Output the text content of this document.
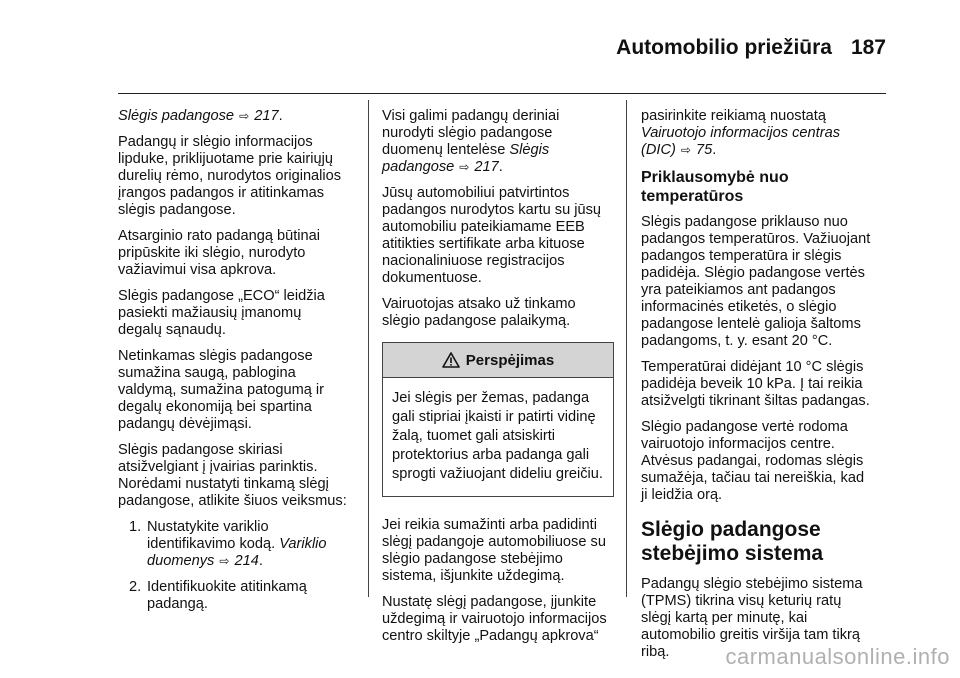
Automobilio priežiūra 187

Slėgis padangose ⇨ 217.

Padangų ir slėgio informacijos lipduke, priklijuotame prie kairiųjų durelių rėmo, nurodytos originalios įrangos padangos ir atitinkamas slėgis padangose.

Atsarginio rato padangą būtinai pripūskite iki slėgio, nurodyto važiavimui visa apkrova.

Slėgis padangose „ECO“ leidžia pasiekti mažiausių įmanomų degalų sąnaudų.

Netinkamas slėgis padangose sumažina saugą, pablogina valdymą, sumažina patogumą ir degalų ekonomiją bei spartina padangų dėvėjimąsi.

Slėgis padangose skiriasi atsižvelgiant į įvairias parinktis. Norėdami nustatyti tinkamą slėgį padangose, atlikite šiuos veiksmus:

1. Nustatykite variklio identifikavimo kodą. Variklio duomenys ⇨ 214.
2. Identifikuokite atitinkamą padangą.

Visi galimi padangų deriniai nurodyti slėgio padangose duomenų lentelėse Slėgis padangose ⇨ 217.

Jūsų automobiliui patvirtintos padangos nurodytos kartu su jūsų automobiliu pateikiamame EEB atitikties sertifikate arba kituose nacionaliniuose registracijos dokumentuose.

Vairuotojas atsako už tinkamo slėgio padangose palaikymą.

Perspėjimas
Jei slėgis per žemas, padanga gali stipriai įkaisti ir patirti vidinę žalą, tuomet gali atsiskirti protektorius arba padanga gali sprogti važiuojant dideliu greičiu.

Jei reikia sumažinti arba padidinti slėgį padangoje automobiliuose su slėgio padangose stebėjimo sistema, išjunkite uždegimą.

Nustatę slėgį padangose, įjunkite uždegimą ir vairuotojo informacijos centro skiltyje „Padangų apkrova“

pasirinkite reikiamą nuostatą Vairuotojo informacijos centras (DIC) ⇨ 75.

Priklausomybė nuo temperatūros

Slėgis padangose priklauso nuo padangos temperatūros. Važiuojant padangos temperatūra ir slėgis padidėja. Slėgio padangose vertės yra pateikiamos ant padangos informacinės etiketės, o slėgio padangose lentelė galioja šaltoms padangoms, t. y. esant 20 °C.

Temperatūrai didėjant 10 °C slėgis padidėja beveik 10 kPa. Į tai reikia atsižvelgti tikrinant šiltas padangas.

Slėgio padangose vertė rodoma vairuotojo informacijos centre. Atvėsus padangai, rodomas slėgis sumažėja, tačiau tai nereiškia, kad ji leidžia orą.

Slėgio padangose stebėjimo sistema

Padangų slėgio stebėjimo sistema (TPMS) tikrina visų keturių ratų slėgį kartą per minutę, kai automobilio greitis viršija tam tikrą ribą.	carmanualsonline.info
